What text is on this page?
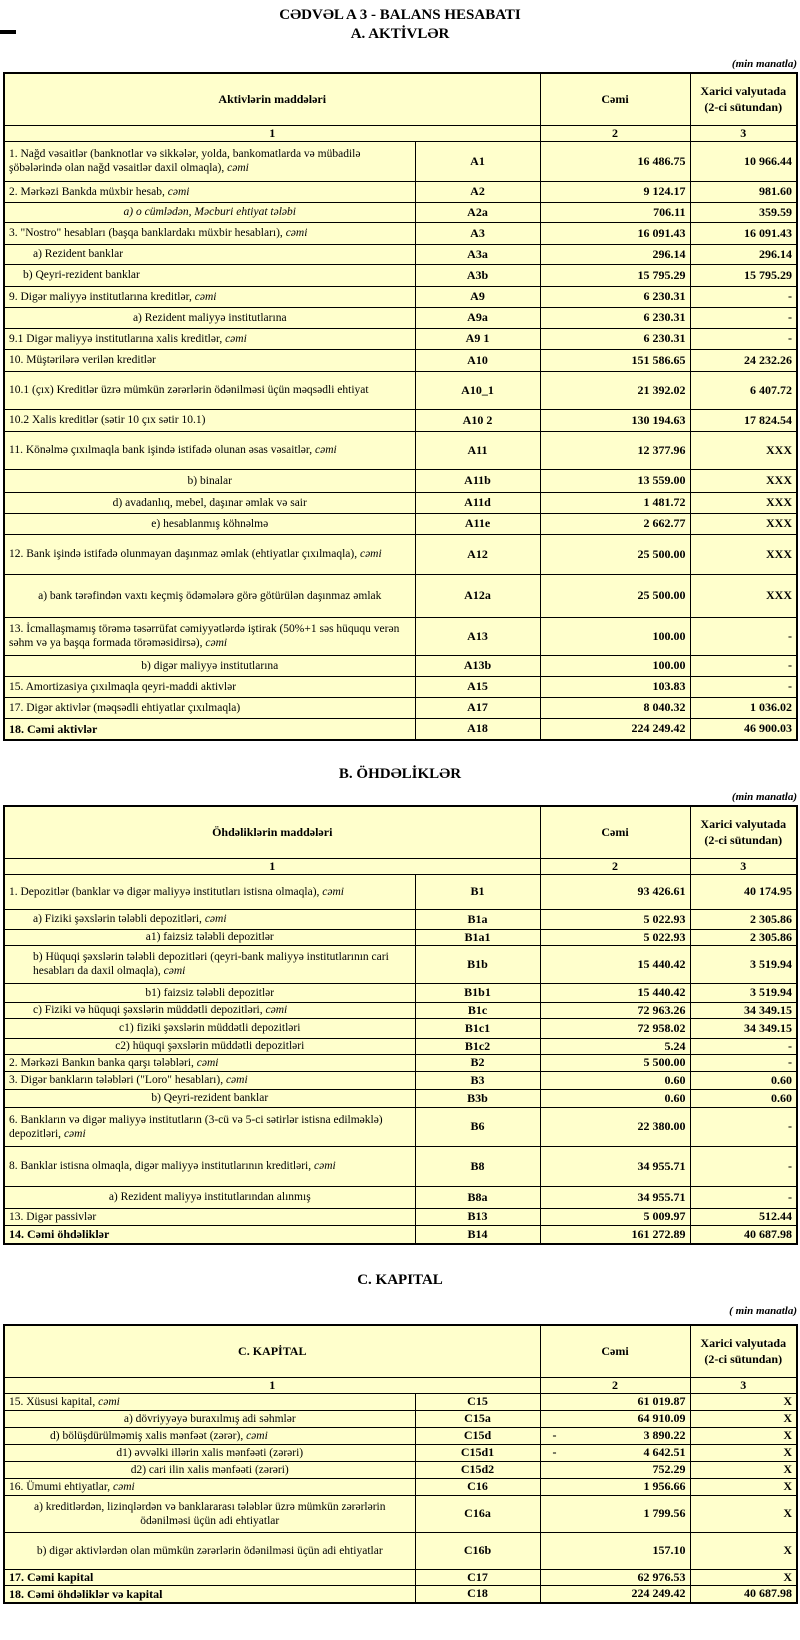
CƏDVƏL A 3 - BALANS HESABATI
A. AKTİVLƏR
(min manatla)
Aktivlərin maddələri		Cəmi	Xarici valyutada (2-ci sütundan)
1		2	3
1. Nağd vəsaitlər (banknotlar və sikkələr, yolda, bankomatlarda və mübadilə şöbələrində olan nağd vəsaitlər daxil olmaqla), cəmi	A1	16 486.75	10 966.44
2. Mərkəzi Bankda müxbir hesab, cəmi	A2	9 124.17	981.60
a) o cümlədən, Məcburi ehtiyat tələbi	A2a	706.11	359.59
3. "Nostro" hesabları (başqa banklardakı müxbir hesabları), cəmi	A3	16 091.43	16 091.43
a) Rezident banklar	A3a	296.14	296.14
b) Qeyri-rezident banklar	A3b	15 795.29	15 795.29
9. Digər maliyyə institutlarına kreditlər, cəmi	A9	6 230.31	-
a) Rezident maliyyə institutlarına	A9a	6 230.31	-
9.1 Digər maliyyə institutlarına xalis kreditlər, cəmi	A9 1	6 230.31	-
10. Müştərilərə verilən kreditlər	A10	151 586.65	24 232.26
10.1 (çıx) Kreditlər üzrə mümkün zərərlərin ödənilməsi üçün məqsədli ehtiyat	A10_1	21 392.02	6 407.72
10.2 Xalis kreditlər (sətir 10 çıx sətir 10.1)	A10 2	130 194.63	17 824.54
11. Könəlmə çıxılmaqla bank işində istifadə olunan əsas vəsaitlər, cəmi	A11	12 377.96	XXX
b) binalar	A11b	13 559.00	XXX
d) avadanlıq, mebel, daşınar əmlak və sair	A11d	1 481.72	XXX
e) hesablanmış köhnəlmə	A11e	2 662.77	XXX
12. Bank işində istifadə olunmayan daşınmaz əmlak (ehtiyatlar çıxılmaqla), cəmi	A12	25 500.00	XXX
a) bank tərəfindən vaxtı keçmiş ödəmələrə görə götürülən daşınmaz əmlak	A12a	25 500.00	XXX
13. İcmallaşmamış törəmə təsərrüfat cəmiyyətlərdə iştirak (50%+1 səs hüququ verən səhm və ya başqa formada törəməsidirsə), cəmi	A13	100.00	-
b) digər maliyyə institutlarına	A13b	100.00	-
15. Amortizasiya çıxılmaqla qeyri-maddi aktivlər	A15	103.83	-
17. Digər aktivlər (məqsədli ehtiyatlar çıxılmaqla)	A17	8 040.32	1 036.02
18. Cəmi aktivlər	A18	224 249.42	46 900.03
B. ÖHDƏLİKLƏR
(min manatla)
Öhdəliklərin maddələri		Cəmi	Xarici valyutada (2-ci sütundan)
1		2	3
1. Depozitlər (banklar və digər maliyyə institutları istisna olmaqla), cəmi	B1	93 426.61	40 174.95
a) Fiziki şəxslərin tələbli depozitləri, cəmi	B1a	5 022.93	2 305.86
a1) faizsiz tələbli depozitlər	B1a1	5 022.93	2 305.86
b) Hüquqi şəxslərin tələbli depozitləri (qeyri-bank maliyyə institutlarının cari hesabları da daxil olmaqla), cəmi	B1b	15 440.42	3 519.94
b1) faizsiz tələbli depozitlər	B1b1	15 440.42	3 519.94
c) Fiziki və hüquqi şəxslərin müddətli depozitləri, cəmi	B1c	72 963.26	34 349.15
c1) fiziki şəxslərin müddətli depozitləri	B1c1	72 958.02	34 349.15
c2) hüquqi şəxslərin müddətli depozitləri	B1c2	5.24	-
2. Mərkəzi Bankın banka qarşı tələbləri, cəmi	B2	5 500.00	-
3. Digər bankların tələbləri ("Loro" hesabları), cəmi	B3	0.60	0.60
b) Qeyri-rezident banklar	B3b	0.60	0.60
6. Bankların və digər maliyyə institutların (3-cü və 5-ci sətirlər istisna edilməklə) depozitləri, cəmi	B6	22 380.00	-
8. Banklar istisna olmaqla, digər maliyyə institutlarının kreditləri, cəmi	B8	34 955.71	-
a) Rezident maliyyə institutlarından alınmış	B8a	34 955.71	-
13. Digər passivlər	B13	5 009.97	512.44
14. Cəmi öhdəliklər	B14	161 272.89	40 687.98
C. KAPITAL
( min manatla)
C. KAPİTAL		Cəmi	Xarici valyutada (2-ci sütundan)
1		2	3
15. Xüsusi kapital, cəmi	C15	61 019.87	X
a) dövriyyəyə buraxılmış adi səhmlər	C15a	64 910.09	X
d) bölüşdürülməmiş xalis mənfəət (zərər), cəmi	C15d	- 3 890.22	X
d1) əvvəlki illərin xalis mənfəəti (zərəri)	C15d1	- 4 642.51	X
d2) cari ilin xalis mənfəəti (zərəri)	C15d2	752.29	X
16. Ümumi ehtiyatlar, cəmi	C16	1 956.66	X
a) kreditlərdən, lizinqlərdən və banklararası tələblər üzrə mümkün zərərlərin ödənilməsi üçün adi ehtiyatlar	C16a	1 799.56	X
b) digər aktivlərdən olan mümkün zərərlərin ödənilməsi üçün adi ehtiyatlar	C16b	157.10	X
17. Cəmi kapital	C17	62 976.53	X
18. Cəmi öhdəliklər və kapital	C18	224 249.42	40 687.98
